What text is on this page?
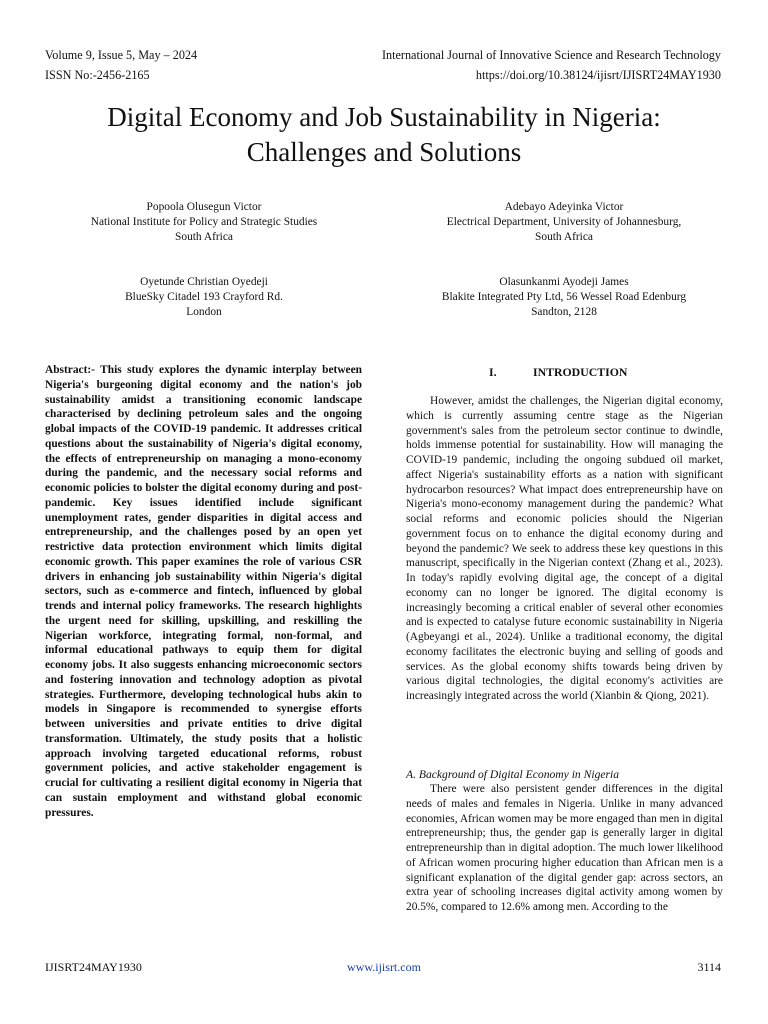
Volume 9, Issue 5, May – 2024
ISSN No:-2456-2165
International Journal of Innovative Science and Research Technology
https://doi.org/10.38124/ijisrt/IJISRT24MAY1930
Digital Economy and Job Sustainability in Nigeria:
Challenges and Solutions
Popoola Olusegun Victor
National Institute for Policy and Strategic Studies
South Africa
Adebayo Adeyinka Victor
Electrical Department, University of Johannesburg,
South Africa
Oyetunde Christian Oyedeji
BlueSky Citadel 193 Crayford Rd.
London
Olasunkanmi Ayodeji James
Blakite Integrated Pty Ltd, 56 Wessel Road Edenburg
Sandton, 2128

Abstract:- This study explores the dynamic interplay between Nigeria's burgeoning digital economy and the nation's job sustainability amidst a transitioning economic landscape characterised by declining petroleum sales and the ongoing global impacts of the COVID-19 pandemic. It addresses critical questions about the sustainability of Nigeria's digital economy, the effects of entrepreneurship on managing a mono-economy during the pandemic, and the necessary social reforms and economic policies to bolster the digital economy during and post-pandemic. Key issues identified include significant unemployment rates, gender disparities in digital access and entrepreneurship, and the challenges posed by an open yet restrictive data protection environment which limits digital economic growth. This paper examines the role of various CSR drivers in enhancing job sustainability within Nigeria's digital sectors, such as e-commerce and fintech, influenced by global trends and internal policy frameworks. The research highlights the urgent need for skilling, upskilling, and reskilling the Nigerian workforce, integrating formal, non-formal, and informal educational pathways to equip them for digital economy jobs. It also suggests enhancing microeconomic sectors and fostering innovation and technology adoption as pivotal strategies. Furthermore, developing technological hubs akin to models in Singapore is recommended to synergise efforts between universities and private entities to drive digital transformation. Ultimately, the study posits that a holistic approach involving targeted educational reforms, robust government policies, and active stakeholder engagement is crucial for cultivating a resilient digital economy in Nigeria that can sustain employment and withstand global economic pressures.

I.	INTRODUCTION

However, amidst the challenges, the Nigerian digital economy, which is currently assuming centre stage as the Nigerian government's sales from the petroleum sector continue to dwindle, holds immense potential for sustainability. How will managing the COVID-19 pandemic, including the ongoing subdued oil market, affect Nigeria's sustainability efforts as a nation with significant hydrocarbon resources? What impact does entrepreneurship have on Nigeria's mono-economy management during the pandemic? What social reforms and economic policies should the Nigerian government focus on to enhance the digital economy during and beyond the pandemic? We seek to address these key questions in this manuscript, specifically in the Nigerian context (Zhang et al., 2023). In today's rapidly evolving digital age, the concept of a digital economy can no longer be ignored. The digital economy is increasingly becoming a critical enabler of several other economies and is expected to catalyse future economic sustainability in Nigeria (Agbeyangi et al., 2024). Unlike a traditional economy, the digital economy facilitates the electronic buying and selling of goods and services. As the global economy shifts towards being driven by various digital technologies, the digital economy's activities are increasingly integrated across the world (Xianbin & Qiong, 2021).

A. Background of Digital Economy in Nigeria

There were also persistent gender differences in the digital needs of males and females in Nigeria. Unlike in many advanced economies, African women may be more engaged than men in digital entrepreneurship; thus, the gender gap is generally larger in digital entrepreneurship than in digital adoption. The much lower likelihood of African women procuring higher education than African men is a significant explanation of the digital gender gap: across sectors, an extra year of schooling increases digital activity among women by 20.5%, compared to 12.6% among men. According to the

IJISRT24MAY1930	www.ijisrt.com	3114
